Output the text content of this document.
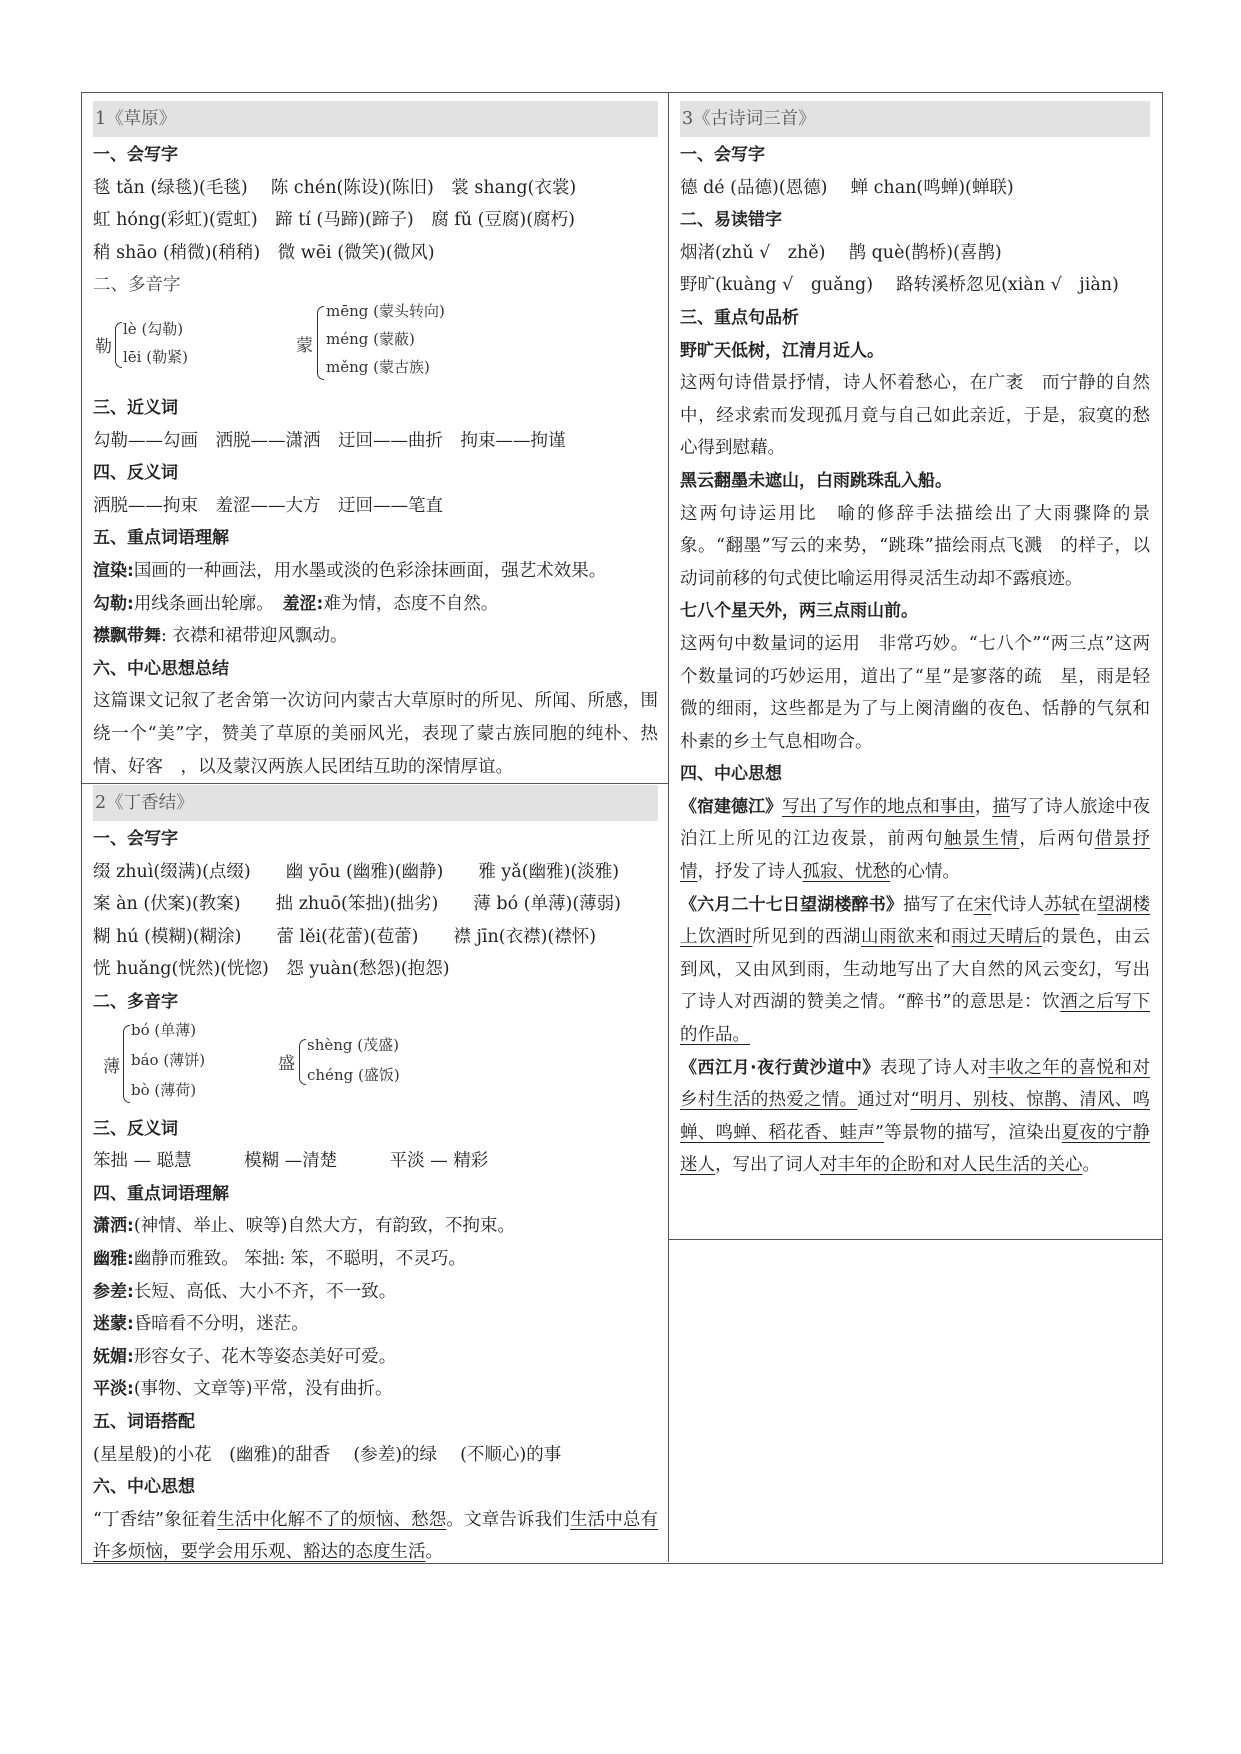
1《草原》
一、会写字
毯 tǎn (绿毯)(毛毯)　 陈 chén(陈设)(陈旧)　裳 shang(衣裳)
虹 hóng(彩虹)(霓虹)　蹄 tí (马蹄)(蹄子)　腐 fǔ (豆腐)(腐朽)
稍 shāo (稍微)(稍稍)　微 wēi (微笑)(微风)
二、多音字
勒
lè (勾勒)
lēi (勒紧)
蒙
mēng (蒙头转向)
méng (蒙蔽)
měng (蒙古族)
三、近义词
勾勒——勾画　洒脱——潇洒　迂回——曲折　拘束——拘谨
四、反义词
洒脱——拘束　羞涩——大方　迂回——笔直
五、重点词语理解
渲染:国画的一种画法，用水墨或淡的色彩涂抹画面，强艺术效果。
勾勒:用线条画出轮廓。　 羞涩:难为情，态度不自然。
襟飘带舞: 衣襟和裙带迎风飘动。
六、中心思想总结
这篇课文记叙了老舍第一次访问内蒙古大草原时的所见、所闻、所感，围绕一个“美”字，赞美了草原的美丽风光，表现了蒙古族同胞的纯朴、热情、好客　，以及蒙汉两族人民团结互助的深情厚谊。
2《丁香结》
一、会写字
缀 zhuì(缀满)(点缀)　　幽 yōu (幽雅)(幽静)　　雅 yǎ(幽雅)(淡雅)
案 àn (伏案)(教案)　　拙 zhuō(笨拙)(拙劣)　　薄 bó (单薄)(薄弱)
糊 hú (模糊)(糊涂)　　蕾 lěi(花蕾)(苞蕾)　　襟 jīn(衣襟)(襟怀)
恍 huǎng(恍然)(恍惚)　怨 yuàn(愁怨)(抱怨)
二、多音字
薄
bó (单薄)
báo (薄饼)
bò (薄荷)
盛
shèng (茂盛)
chéng (盛饭)
三、反义词
笨拙 — 聪慧　　　模糊 —清楚　　　平淡 — 精彩
四、重点词语理解
潇洒:(神情、举止、唳等)自然大方，有韵致，不拘束。
幽雅:幽静而雅致。 笨拙: 笨，不聪明，不灵巧。
参差:长短、高低、大小不齐，不一致。
迷蒙:昏暗看不分明，迷茫。
妩媚:形容女子、花木等姿态美好可爱。
平淡:(事物、文章等)平常，没有曲折。
五、词语搭配
(星星般)的小花　(幽雅)的甜香　 (参差)的绿　 (不顺心)的事
六、中心思想
“丁香结”象征着生活中化解不了的烦恼、愁怨。文章告诉我们生活中总有许多烦恼，要学会用乐观、豁达的态度生活。
3《古诗词三首》
一、会写字
德 dé (品德)(恩德)　 蝉 chan(鸣蝉)(蝉联)
二、易读错字
烟渚(zhǔ √　zhě)　 鹊 què(鹊桥)(喜鹊)
野旷(kuàng √　guǎng)　 路转溪桥忽见(xiàn √　jiàn)
三、重点句品析
野旷天低树，江清月近人。
这两句诗借景抒情，诗人怀着愁心，在广袤　而宁静的自然中，经求索而发现孤月竟与自己如此亲近，于是，寂寞的愁心得到慰藉。
黑云翻墨未遮山，白雨跳珠乱入船。
这两句诗运用比　喻的修辞手法描绘出了大雨骤降的景象。“翻墨”写云的来势，“跳珠”描绘雨点飞溅　的样子，以动词前移的句式使比喻运用得灵活生动却不露痕迹。
七八个星天外，两三点雨山前。
这两句中数量词的运用　非常巧妙。“七八个”“两三点”这两个数量词的巧妙运用，道出了“星”是寥落的疏　星，雨是轻微的细雨，这些都是为了与上阕清幽的夜色、恬静的气氛和朴素的乡土气息相吻合。
四、中心思想
《宿建德江》写出了写作的地点和事由，描写了诗人旅途中夜泊江上所见的江边夜景，前两句触景生情，后两句借景抒情，抒发了诗人孤寂、忧愁的心情。
《六月二十七日望湖楼醉书》描写了在宋代诗人苏轼在望湖楼上饮酒时所见到的西湖山雨欲来和雨过天晴后的景色，由云到风，又由风到雨，生动地写出了大自然的风云变幻，写出了诗人对西湖的赞美之情。“醉书”的意思是：饮酒之后写下的作品。
《西江月·夜行黄沙道中》表现了诗人对丰收之年的喜悦和对乡村生活的热爱之情。通过对“明月、别枝、惊鹊、清风、鸣蝉、鸣蝉、稻花香、蛙声”等景物的描写，渲染出夏夜的宁静迷人，写出了词人对丰年的企盼和对人民生活的关心。
